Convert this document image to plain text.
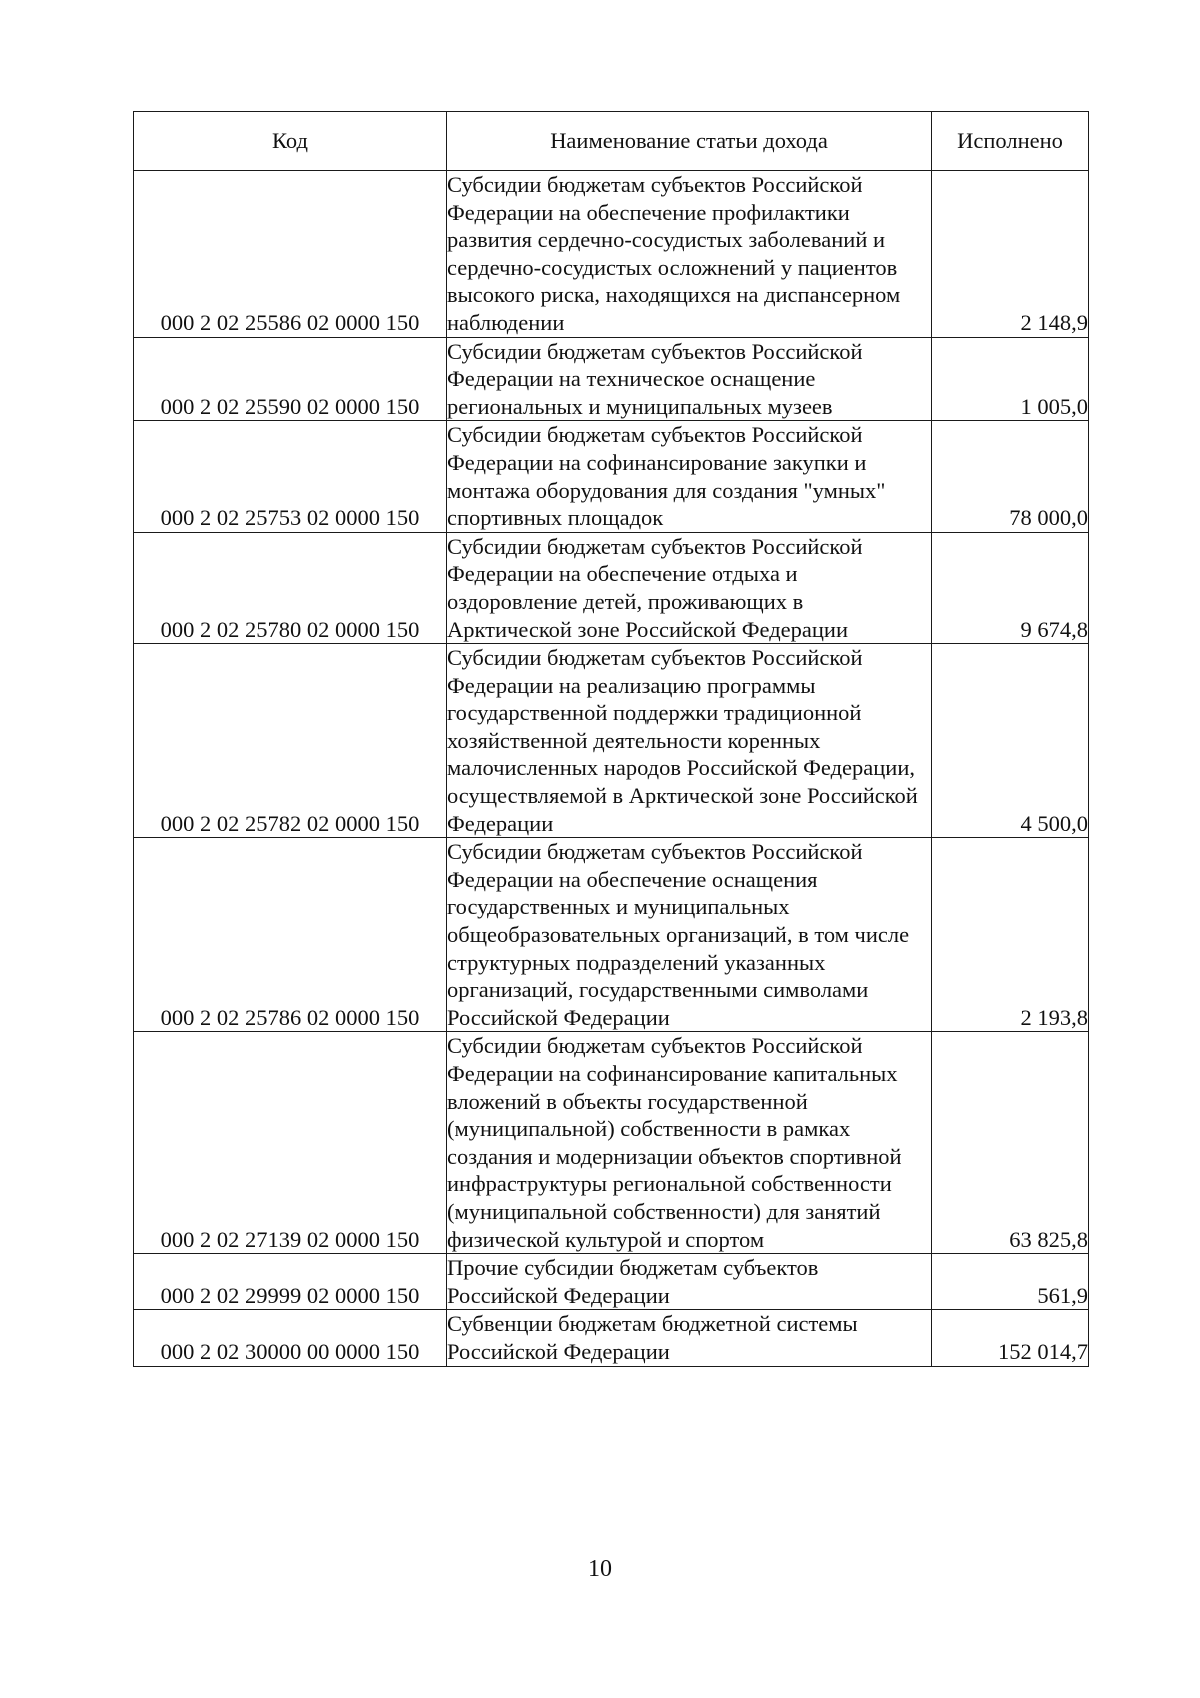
Код	Наименование статьи дохода	Исполнено
000 2 02 25586 02 0000 150	Субсидии бюджетам субъектов Российской Федерации на обеспечение профилактики развития сердечно-сосудистых заболеваний и сердечно-сосудистых осложнений у пациентов высокого риска, находящихся на диспансерном наблюдении	2 148,9
000 2 02 25590 02 0000 150	Субсидии бюджетам субъектов Российской Федерации на техническое оснащение региональных и муниципальных музеев	1 005,0
000 2 02 25753 02 0000 150	Субсидии бюджетам субъектов Российской Федерации на софинансирование закупки и монтажа оборудования для создания "умных" спортивных площадок	78 000,0
000 2 02 25780 02 0000 150	Субсидии бюджетам субъектов Российской Федерации на обеспечение отдыха и оздоровление детей, проживающих в Арктической зоне Российской Федерации	9 674,8
000 2 02 25782 02 0000 150	Субсидии бюджетам субъектов Российской Федерации на реализацию программы государственной поддержки традиционной хозяйственной деятельности коренных малочисленных народов Российской Федерации, осуществляемой в Арктической зоне Российской Федерации	4 500,0
000 2 02 25786 02 0000 150	Субсидии бюджетам субъектов Российской Федерации на обеспечение оснащения государственных и муниципальных общеобразовательных организаций, в том числе структурных подразделений указанных организаций, государственными символами Российской Федерации	2 193,8
000 2 02 27139 02 0000 150	Субсидии бюджетам субъектов Российской Федерации на софинансирование капитальных вложений в объекты государственной (муниципальной) собственности в рамках создания и модернизации объектов спортивной инфраструктуры региональной собственности (муниципальной собственности) для занятий физической культурой и спортом	63 825,8
000 2 02 29999 02 0000 150	Прочие субсидии бюджетам субъектов Российской Федерации	561,9
000 2 02 30000 00 0000 150	Субвенции бюджетам бюджетной системы Российской Федерации	152 014,7
10
